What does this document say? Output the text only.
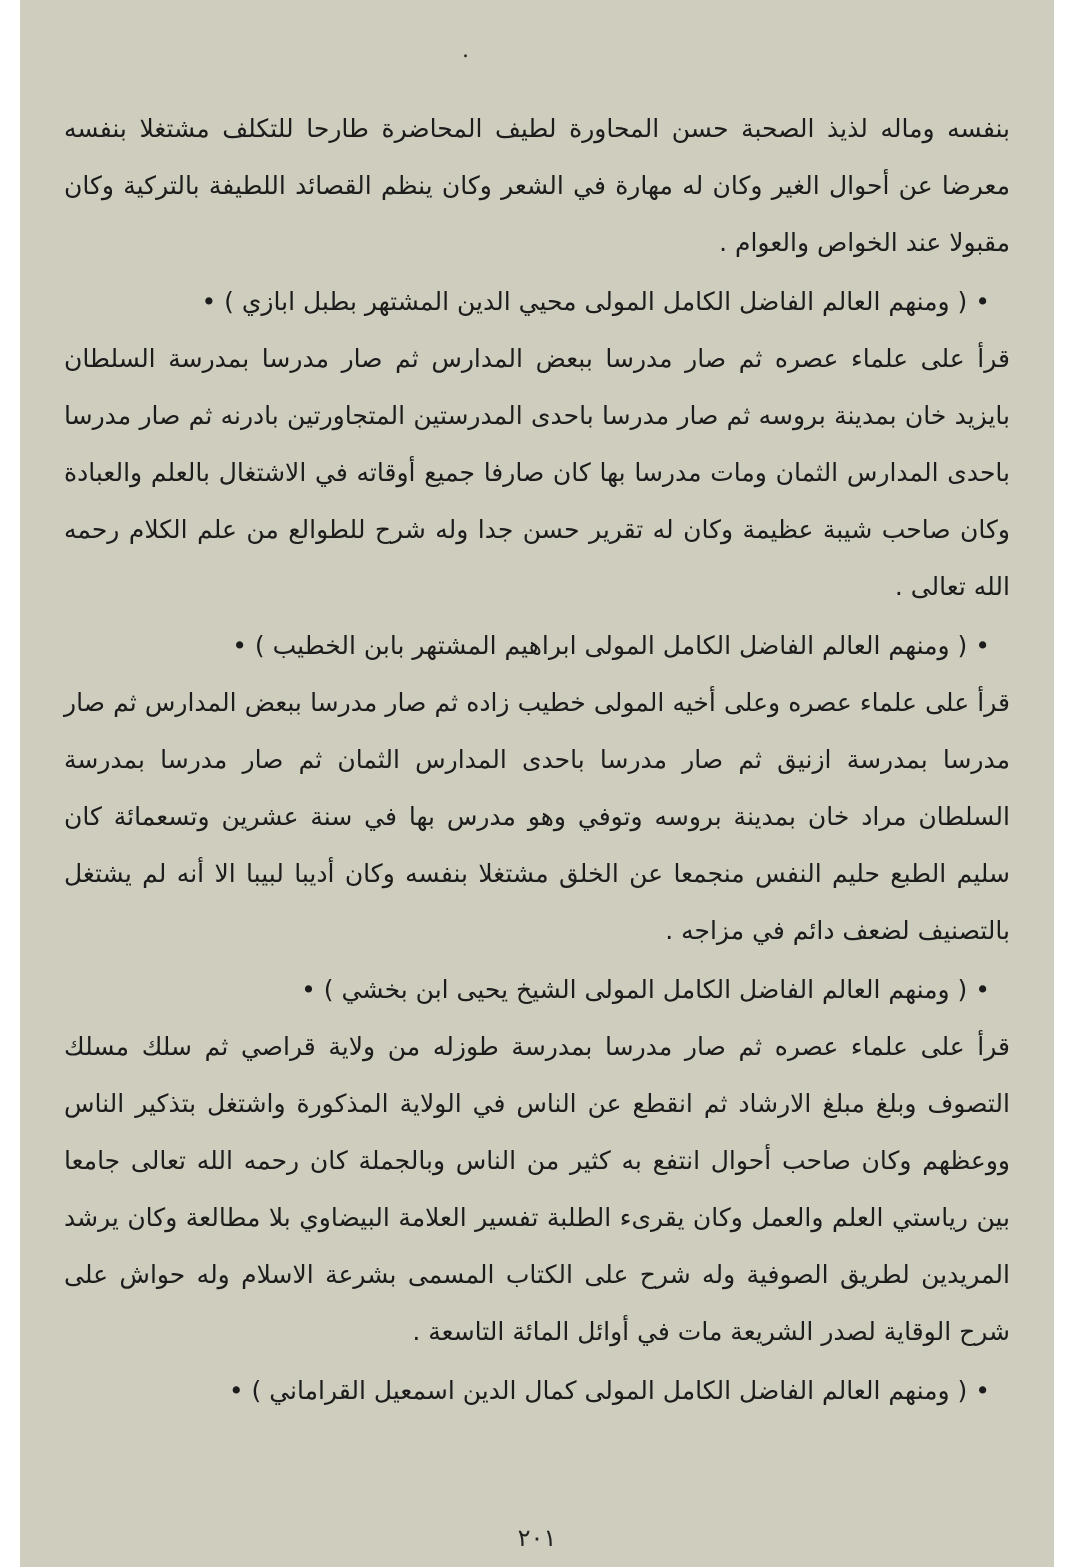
.

بنفسه وماله لذيذ الصحبة حسن المحاورة لطيف المحاضرة طارحا للتكلف مشتغلا بنفسه معرضا عن أحوال الغير وكان له مهارة في الشعر وكان ينظم القصائد اللطيفة بالتركية وكان مقبولا عند الخواص والعوام .

• ( ومنهم العالم الفاضل الكامل المولى محيي الدين المشتهر بطبل ابازي ) •

قرأ على علماء عصره ثم صار مدرسا ببعض المدارس ثم صار مدرسا بمدرسة السلطان بايزيد خان بمدينة بروسه ثم صار مدرسا باحدى المدرستين المتجاورتين بادرنه ثم صار مدرسا باحدى المدارس الثمان ومات مدرسا بها كان صارفا جميع أوقاته في الاشتغال بالعلم والعبادة وكان صاحب شيبة عظيمة وكان له تقرير حسن جدا وله شرح للطوالع من علم الكلام رحمه الله تعالى .

• ( ومنهم العالم الفاضل الكامل المولى ابراهيم المشتهر بابن الخطيب ) •

قرأ على علماء عصره وعلى أخيه المولى خطيب زاده ثم صار مدرسا ببعض المدارس ثم صار مدرسا بمدرسة ازنيق ثم صار مدرسا باحدى المدارس الثمان ثم صار مدرسا بمدرسة السلطان مراد خان بمدينة بروسه وتوفي وهو مدرس بها في سنة عشرين وتسعمائة كان سليم الطبع حليم النفس منجمعا عن الخلق مشتغلا بنفسه وكان أديبا لبيبا الا أنه لم يشتغل بالتصنيف لضعف دائم في مزاجه .

• ( ومنهم العالم الفاضل الكامل المولى الشيخ يحيى ابن بخشي ) •

قرأ على علماء عصره ثم صار مدرسا بمدرسة طوزله من ولاية قراصي ثم سلك مسلك التصوف وبلغ مبلغ الارشاد ثم انقطع عن الناس في الولاية المذكورة واشتغل بتذكير الناس ووعظهم وكان صاحب أحوال انتفع به كثير من الناس وبالجملة كان رحمه الله تعالى جامعا بين رياستي العلم والعمل وكان يقرىء الطلبة تفسير العلامة البيضاوي بلا مطالعة وكان يرشد المريدين لطريق الصوفية وله شرح على الكتاب المسمى بشرعة الاسلام وله حواش على شرح الوقاية لصدر الشريعة مات في أوائل المائة التاسعة .

• ( ومنهم العالم الفاضل الكامل المولى كمال الدين اسمعيل القراماني ) •

٢٠١
